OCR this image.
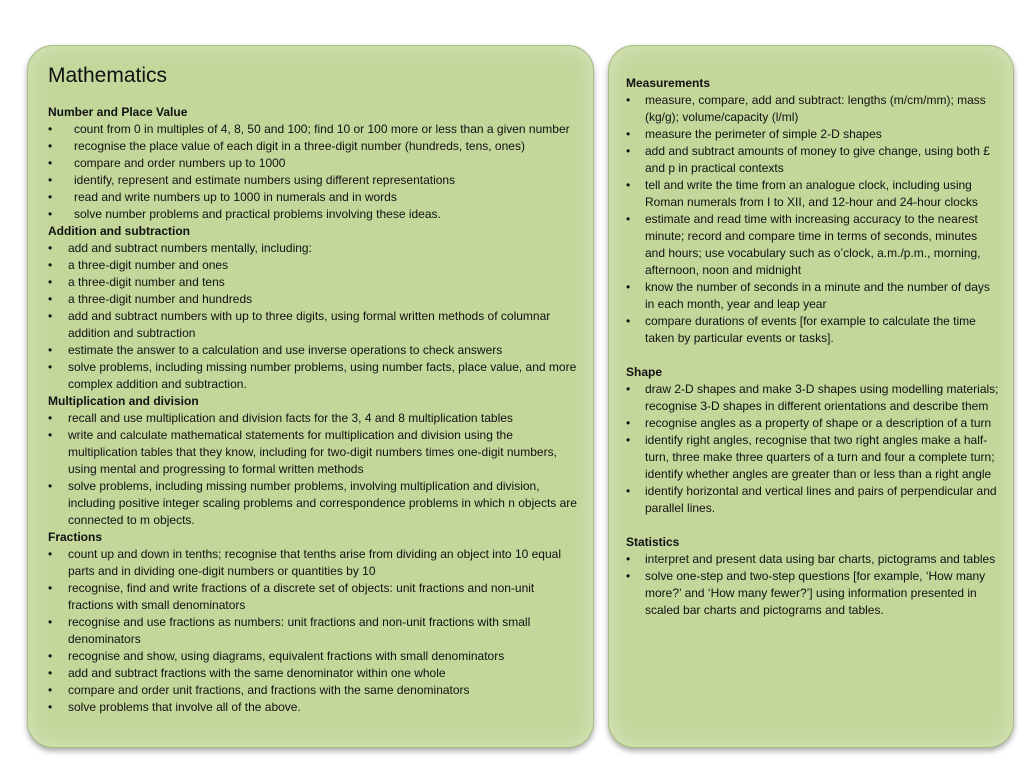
Mathematics

Number and Place Value

• count from 0 in multiples of 4, 8, 50 and 100; find 10 or 100 more or less than a given number
• recognise the place value of each digit in a three-digit number (hundreds, tens, ones)
• compare and order numbers up to 1000
• identify, represent and estimate numbers using different representations
• read and write numbers up to 1000 in numerals and in words
• solve number problems and practical problems involving these ideas.

Addition and subtraction

• add and subtract numbers mentally, including:
• a three-digit number and ones
• a three-digit number and tens
• a three-digit number and hundreds
• add and subtract numbers with up to three digits, using formal written methods of columnar addition and subtraction
• estimate the answer to a calculation and use inverse operations to check answers
• solve problems, including missing number problems, using number facts, place value, and more complex addition and subtraction.

Multiplication and division

• recall and use multiplication and division facts for the 3, 4 and 8 multiplication tables
• write and calculate mathematical statements for multiplication and division using the multiplication tables that they know, including for two-digit numbers times one-digit numbers, using mental and progressing to formal written methods
• solve problems, including missing number problems, involving multiplication and division, including positive integer scaling problems and correspondence problems in which n objects are connected to m objects.

Fractions

• count up and down in tenths; recognise that tenths arise from dividing an object into 10 equal parts and in dividing one-digit numbers or quantities by 10
• recognise, find and write fractions of a discrete set of objects: unit fractions and non-unit fractions with small denominators
• recognise and use fractions as numbers: unit fractions and non-unit fractions with small denominators
• recognise and show, using diagrams, equivalent fractions with small denominators
• add and subtract fractions with the same denominator within one whole
• compare and order unit fractions, and fractions with the same denominators
• solve problems that involve all of the above.

Measurements

• measure, compare, add and subtract: lengths (m/cm/mm); mass (kg/g); volume/capacity (l/ml)
• measure the perimeter of simple 2-D shapes
• add and subtract amounts of money to give change, using both £ and p in practical contexts
• tell and write the time from an analogue clock, including using Roman numerals from I to XII, and 12-hour and 24-hour clocks
• estimate and read time with increasing accuracy to the nearest minute; record and compare time in terms of seconds, minutes and hours; use vocabulary such as o’clock, a.m./p.m., morning, afternoon, noon and midnight
• know the number of seconds in a minute and the number of days in each month, year and leap year
• compare durations of events [for example to calculate the time taken by particular events or tasks].

Shape

• draw 2-D shapes and make 3-D shapes using modelling materials; recognise 3-D shapes in different orientations and describe them
• recognise angles as a property of shape or a description of a turn
• identify right angles, recognise that two right angles make a half-turn, three make three quarters of a turn and four a complete turn; identify whether angles are greater than or less than a right angle
• identify horizontal and vertical lines and pairs of perpendicular and parallel lines.

Statistics

• interpret and present data using bar charts, pictograms and tables
• solve one-step and two-step questions [for example, ‘How many more?’ and ‘How many fewer?’] using information presented in scaled bar charts and pictograms and tables.
